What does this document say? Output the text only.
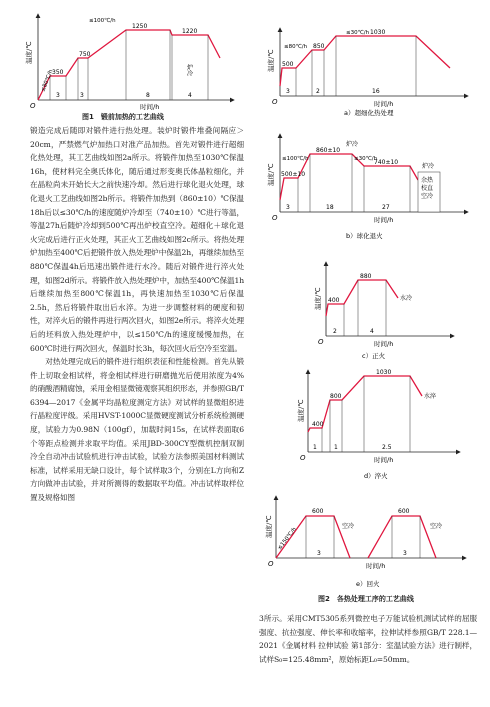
O
温度/℃
时间/h
≤80℃/h
≤100℃/h
350
750
1250
1220
炉冷
3	3	8	4
图1　锻前加热的工艺曲线
O
温度/℃
时间/h
≤80℃/h
≤30℃/h
500
850
1030
3	2	16
a）超细化热处理
O
温度/℃
时间/h
≤100℃/h
500±10
860±10
炉冷
≤30℃/h
740±10
炉冷
余热校直空冷
3	18	27
b）球化退火
O
温度/℃
时间/h
400
880
水冷
2	4
c）正火
O
温度/℃
时间/h
400
800
1030
水淬
1	1	2.5
d）淬火
O
温度/℃
时间/h
≤150℃/h
600	600
空冷	空冷
3	3
e）回火
图2　各热处理工序的工艺曲线

锻造完成后随即对锻件进行热处理。装炉时锻件堆叠间隔应＞20cm，严禁燃气炉加热口对准产品加热。首先对锻件进行超细化热处理，其工艺曲线如图2a所示。将锻件加热至1030℃保温16h，使材料完全奥氏体化，随后通过形变奥氏体晶粒细化，并在晶粒尚未开始长大之前快速冷却。然后进行球化退火处理，球化退火工艺曲线如图2b所示。将锻件加热到（860±10）℃保温18h后以≤30℃/h的速度随炉冷却至（740±10）℃进行等温，等温27h后随炉冷却到500℃再出炉校直空冷。超细化＋球化退火完成后进行正火处理，其正火工艺曲线如图2c所示。将热处理炉加热至400℃后把锻件放入热处理炉中保温2h，再继续加热至880℃保温4h后迅速出锻件进行水冷。随后对锻件进行淬火处理，如图2d所示。将锻件放入热处理炉中，加热至400℃保温1h后继续加热至800℃保温1h，再快速加热至1030℃后保温2.5h，然后将锻件取出后水淬。为进一步调整材料的硬度和韧性，对淬火后的锻件再进行两次回火，如图2e所示。将淬火处理后的坯料放入热处理炉中，以≤150℃/h的速度缓慢加热，在600℃时进行两次回火，保温时长3h，每次回火后空冷至室温。

对热处理完成后的锻件进行组织表征和性能检测。首先从锻件上切取金相试样，将金相试样进行研磨抛光后使用浓度为4%的硝酸酒精腐蚀，采用金相显微镜观察其组织形态，并参照GB/T 6394—2017《金属平均晶粒度测定方法》对试样的显微组织进行晶粒度评级。采用HVST-1000C显微硬度测试分析系统检测硬度，试验力为0.98N（100gf），加载时间15s，在试样表面取6个等距点检测并求取平均值。采用JBD-300CY型微机控制双制冷全自动冲击试验机进行冲击试验，试验方法参照美国材料测试标准，试样采用无缺口设计，每个试样取3个，分别在L方向和Z方向做冲击试验，并对所测得的数据取平均值。冲击试样取样位置及规格如图

3所示。采用CMT5305系列微控电子万能试验机测试试样的屈服强度、抗拉强度、伸长率和收缩率，拉伸试样参照GB/T 228.1—2021《金属材料 拉伸试验 第1部分：室温试验方法》进行制样，试样S₀=125.48mm²，原始标距L₀=50mm。
